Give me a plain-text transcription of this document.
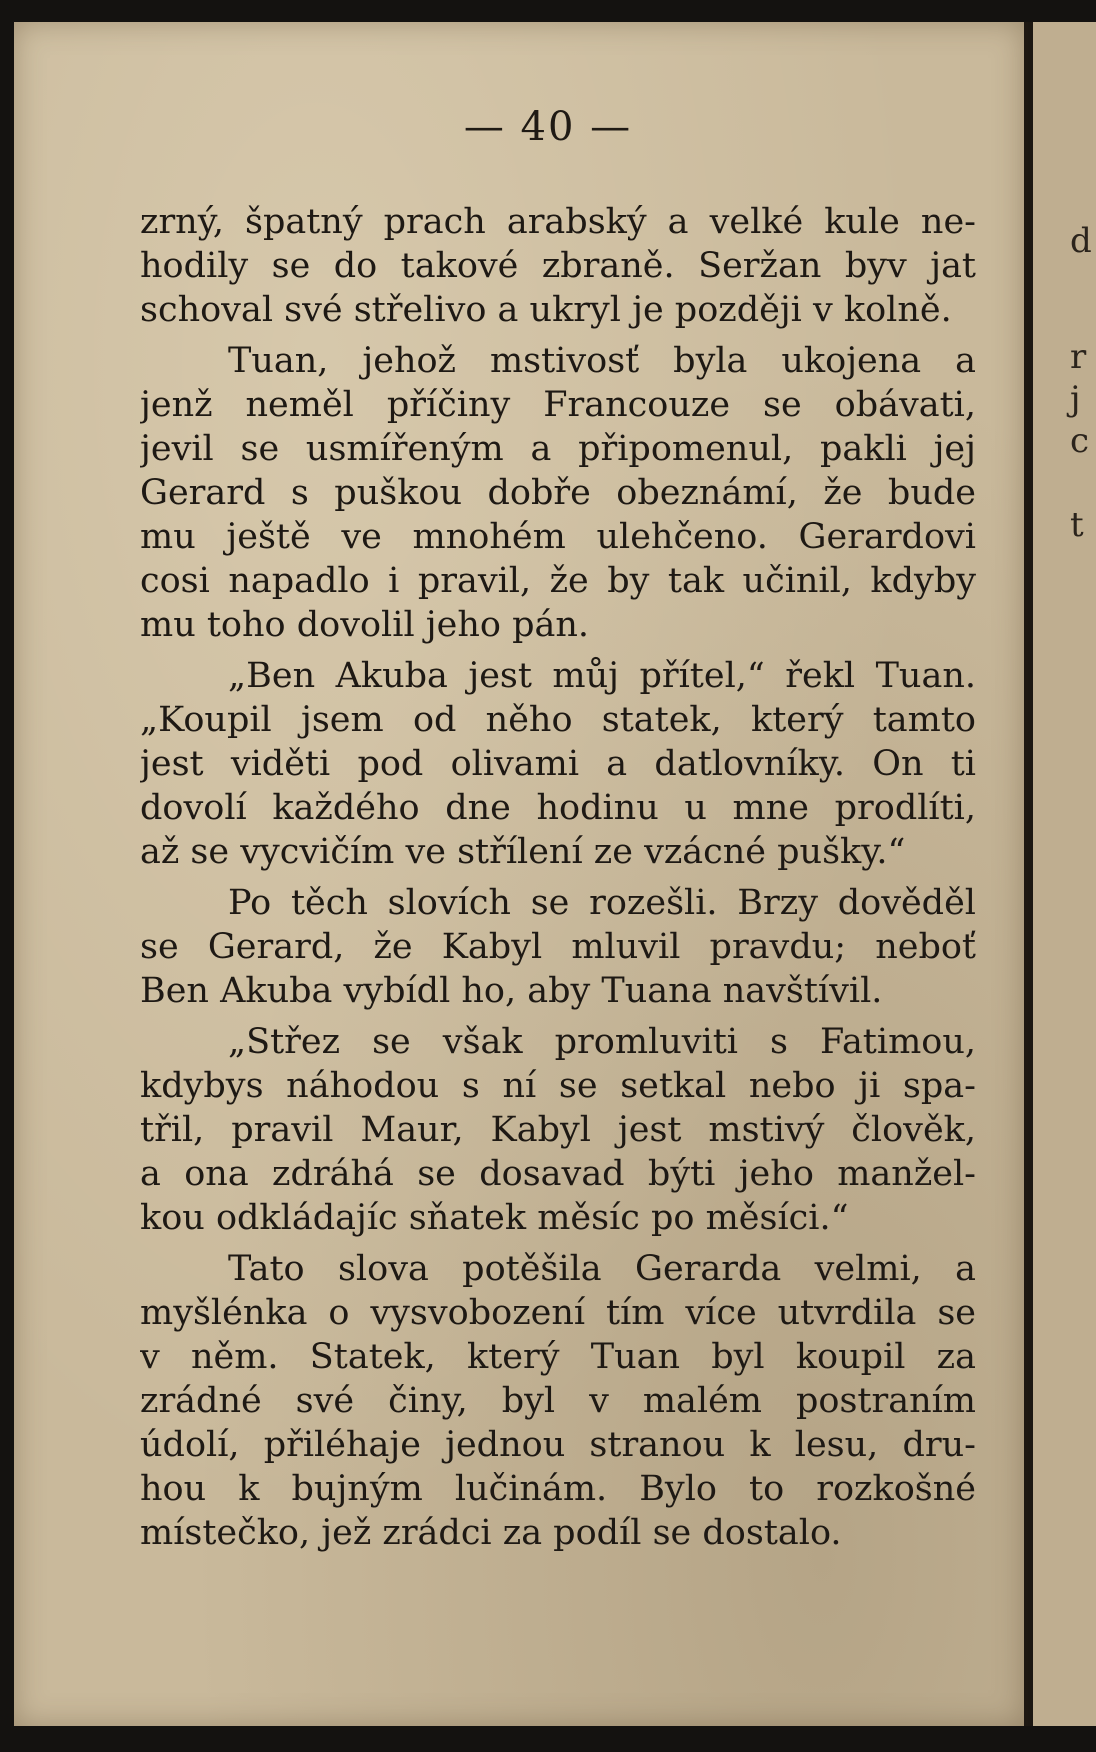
d
r
j
c
t
— 40 —
zrný, špatný prach arabský a velké kule ne-
hodily se do takové zbraně. Seržan byv jat
schoval své střelivo a ukryl je později v kolně.
Tuan, jehož mstivosť byla ukojena a
jenž neměl příčiny Francouze se obávati,
jevil se usmířeným a připomenul, pakli jej
Gerard s puškou dobře obeznámí, že bude
mu ještě ve mnohém ulehčeno. Gerardovi
cosi napadlo i pravil, že by tak učinil, kdyby
mu toho dovolil jeho pán.
„Ben Akuba jest můj přítel,“ řekl Tuan.
„Koupil jsem od něho statek, který tamto
jest viděti pod olivami a datlovníky. On ti
dovolí každého dne hodinu u mne prodlíti,
až se vycvičím ve střílení ze vzácné pušky.“
Po těch slovích se rozešli. Brzy dověděl
se Gerard, že Kabyl mluvil pravdu; neboť
Ben Akuba vybídl ho, aby Tuana navštívil.
„Střez se však promluviti s Fatimou,
kdybys náhodou s ní se setkal nebo ji spa-
třil, pravil Maur, Kabyl jest mstivý člověk,
a ona zdráhá se dosavad býti jeho manžel-
kou odkládajíc sňatek měsíc po měsíci.“
Tato slova potěšila Gerarda velmi, a
myšlénka o vysvobození tím více utvrdila se
v něm. Statek, který Tuan byl koupil za
zrádné své činy, byl v malém postraním
údolí, přiléhaje jednou stranou k lesu, dru-
hou k bujným lučinám. Bylo to rozkošné
místečko, jež zrádci za podíl se dostalo.
